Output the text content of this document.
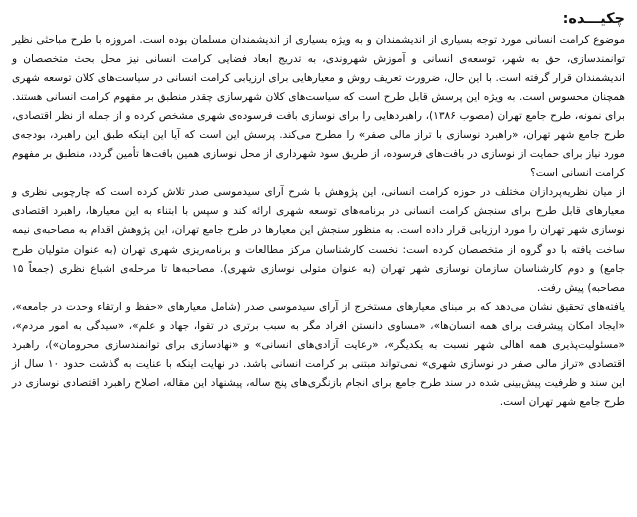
چکیـــده:

موضوع کرامت انسانی مورد توجه بسیاری از اندیشمندان و به ویژه بسیاری از اندیشمندان مسلمان بوده است. امروزه با طرح مباحثی نظیر توانمندسازی، حق به شهر، توسعه‌ی انسانی و آموزش شهروندی، به تدریج ابعاد فضایی کرامت انسانی نیز محل بحث متخصصان و اندیشمندان قرار گرفته است. با این حال، ضرورت تعریف روش و معیارهایی برای ارزیابی کرامت انسانی در سیاست‌های کلان توسعه شهری همچنان محسوس است. به ویژه این پرسش قابل طرح است که سیاست‌های کلان شهرسازی چقدر منطبق بر مفهوم کرامت انسانی هستند. برای نمونه، طرح جامع تهران (مصوب ۱۳۸۶)، راهبردهایی را برای نوسازی بافت فرسوده‌ی شهری مشخص کرده و از جمله از نظر اقتصادی، طرح جامع شهر تهران، «راهبرد نوسازی با تراز مالی صفر» را مطرح می‌کند. پرسش این است که آیا این اینکه طبق این راهبرد، بودجه‌ی مورد نیاز برای حمایت از نوسازی در بافت‌های فرسوده، از طریق سود شهرداری از محل نوسازی همین بافت‌ها تأمین گردد، منطبق بر مفهوم کرامت انسانی است؟

از میان نظریه‌پردازان مختلف در حوزه کرامت انسانی، این پژوهش با شرح آرای سیدموسی صدر تلاش کرده است که چارچوبی نظری و معیارهای قابل طرح برای سنجش کرامت انسانی در برنامه‌های توسعه شهری ارائه کند و سپس با ابتناء به این معیارها، راهبرد اقتصادی نوسازی شهر تهران را مورد ارزیابی قرار داده است. به منظور سنجش این معیارها در طرح جامع تهران، این پژوهش اقدام به مصاحبه‌ی نیمه ساخت یافته با دو گروه از متخصصان کرده است: نخست کارشناسان مرکز مطالعات و برنامه‌ریزی شهری تهران (به عنوان متولیان طرح جامع) و دوم کارشناسان سازمان نوسازی شهر تهران (به عنوان متولی نوسازی شهری). مصاحبه‌ها تا مرحله‌ی اشباع نظری (جمعاً ۱۵ مصاحبه) پیش رفت.

یافته‌های تحقیق نشان می‌دهد که بر مبنای معیارهای مستخرج از آرای سیدموسی صدر (شامل معیارهای «حفظ و ارتقاء وحدت در جامعه»، «ایجاد امکان پیشرفت برای همه انسان‌ها»، «مساوی دانستن افراد مگر به سبب برتری در تقوا، جهاد و علم»، «سیدگی به امور مردم»، «مسئولیت‌پذیری همه اهالی شهر نسبت به یکدیگر»، «رعایت آزادی‌های انسانی» و «نهادسازی برای توانمندسازی محرومان»)، راهبرد اقتصادی «تراز مالی صفر در نوسازی شهری» نمی‌تواند مبتنی بر کرامت انسانی باشد. در نهایت اینکه با عنایت به گذشت حدود ۱۰ سال از این سند و ظرفیت پیش‌بینی شده در سند طرح جامع برای انجام بازنگری‌های پنج ساله، پیشنهاد این مقاله، اصلاح راهبرد اقتصادی نوسازی در طرح جامع شهر تهران است.
